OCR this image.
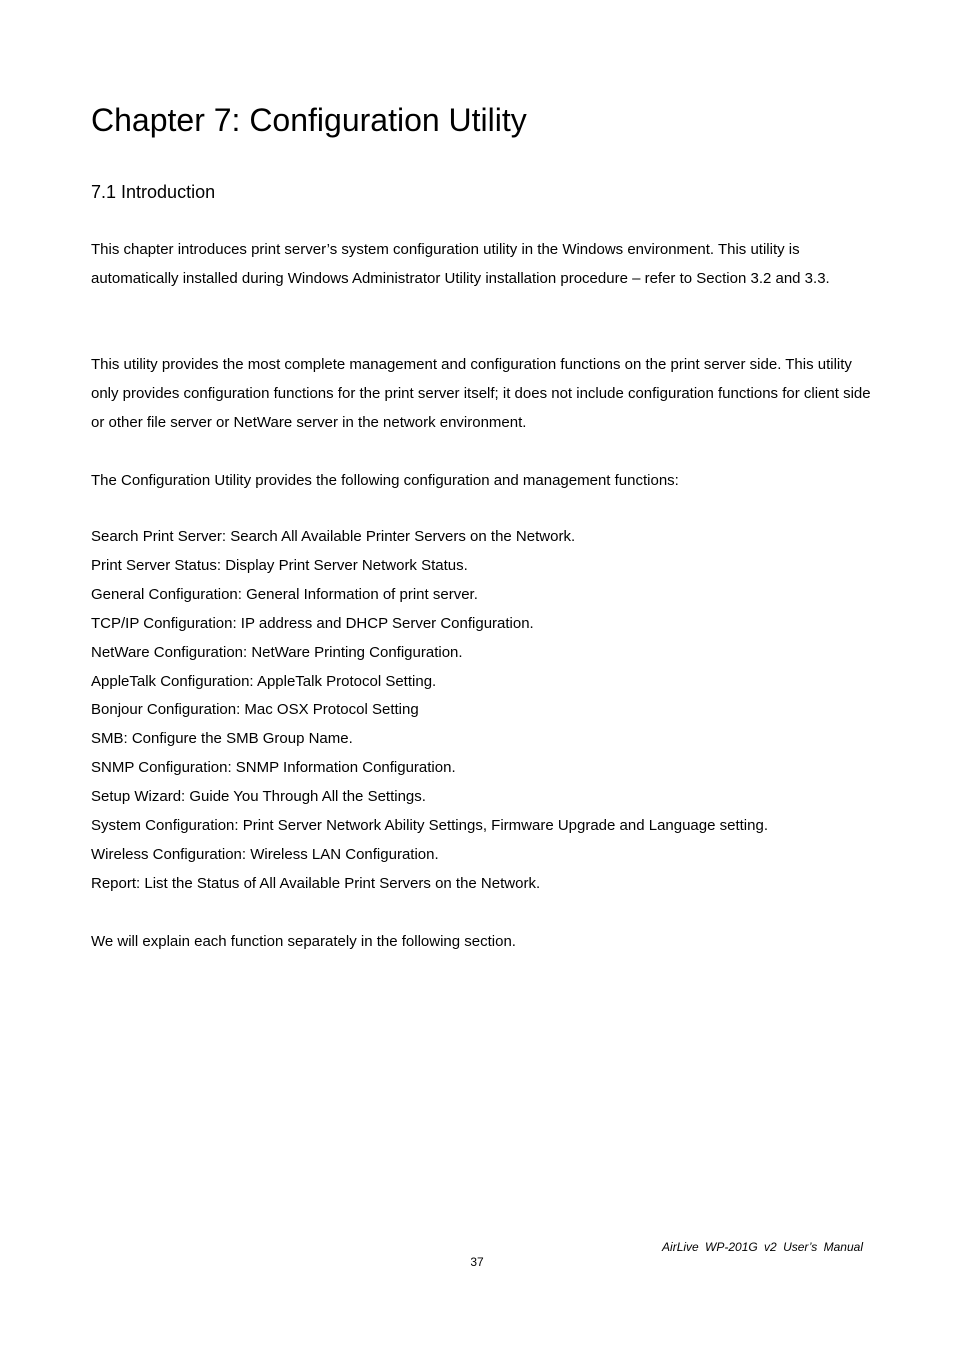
Chapter 7: Configuration Utility
7.1 Introduction

This chapter introduces print server’s system configuration utility in the Windows environment. This utility is automatically installed during Windows Administrator Utility installation procedure – refer to Section 3.2 and 3.3.

This utility provides the most complete management and configuration functions on the print server side. This utility only provides configuration functions for the print server itself; it does not include configuration functions for client side or other file server or NetWare server in the network environment.

The Configuration Utility provides the following configuration and management functions:

Search Print Server: Search All Available Printer Servers on the Network.
Print Server Status: Display Print Server Network Status.
General Configuration: General Information of print server.
TCP/IP Configuration: IP address and DHCP Server Configuration.
NetWare Configuration: NetWare Printing Configuration.
AppleTalk Configuration: AppleTalk Protocol Setting.
Bonjour Configuration: Mac OSX Protocol Setting
SMB: Configure the SMB Group Name.
SNMP Configuration: SNMP Information Configuration.
Setup Wizard: Guide You Through All the Settings.
System Configuration: Print Server Network Ability Settings, Firmware Upgrade and Language setting.
Wireless Configuration: Wireless LAN Configuration.
Report: List the Status of All Available Print Servers on the Network.

We will explain each function separately in the following section.

AirLive WP-201G v2 User’s Manual

37
